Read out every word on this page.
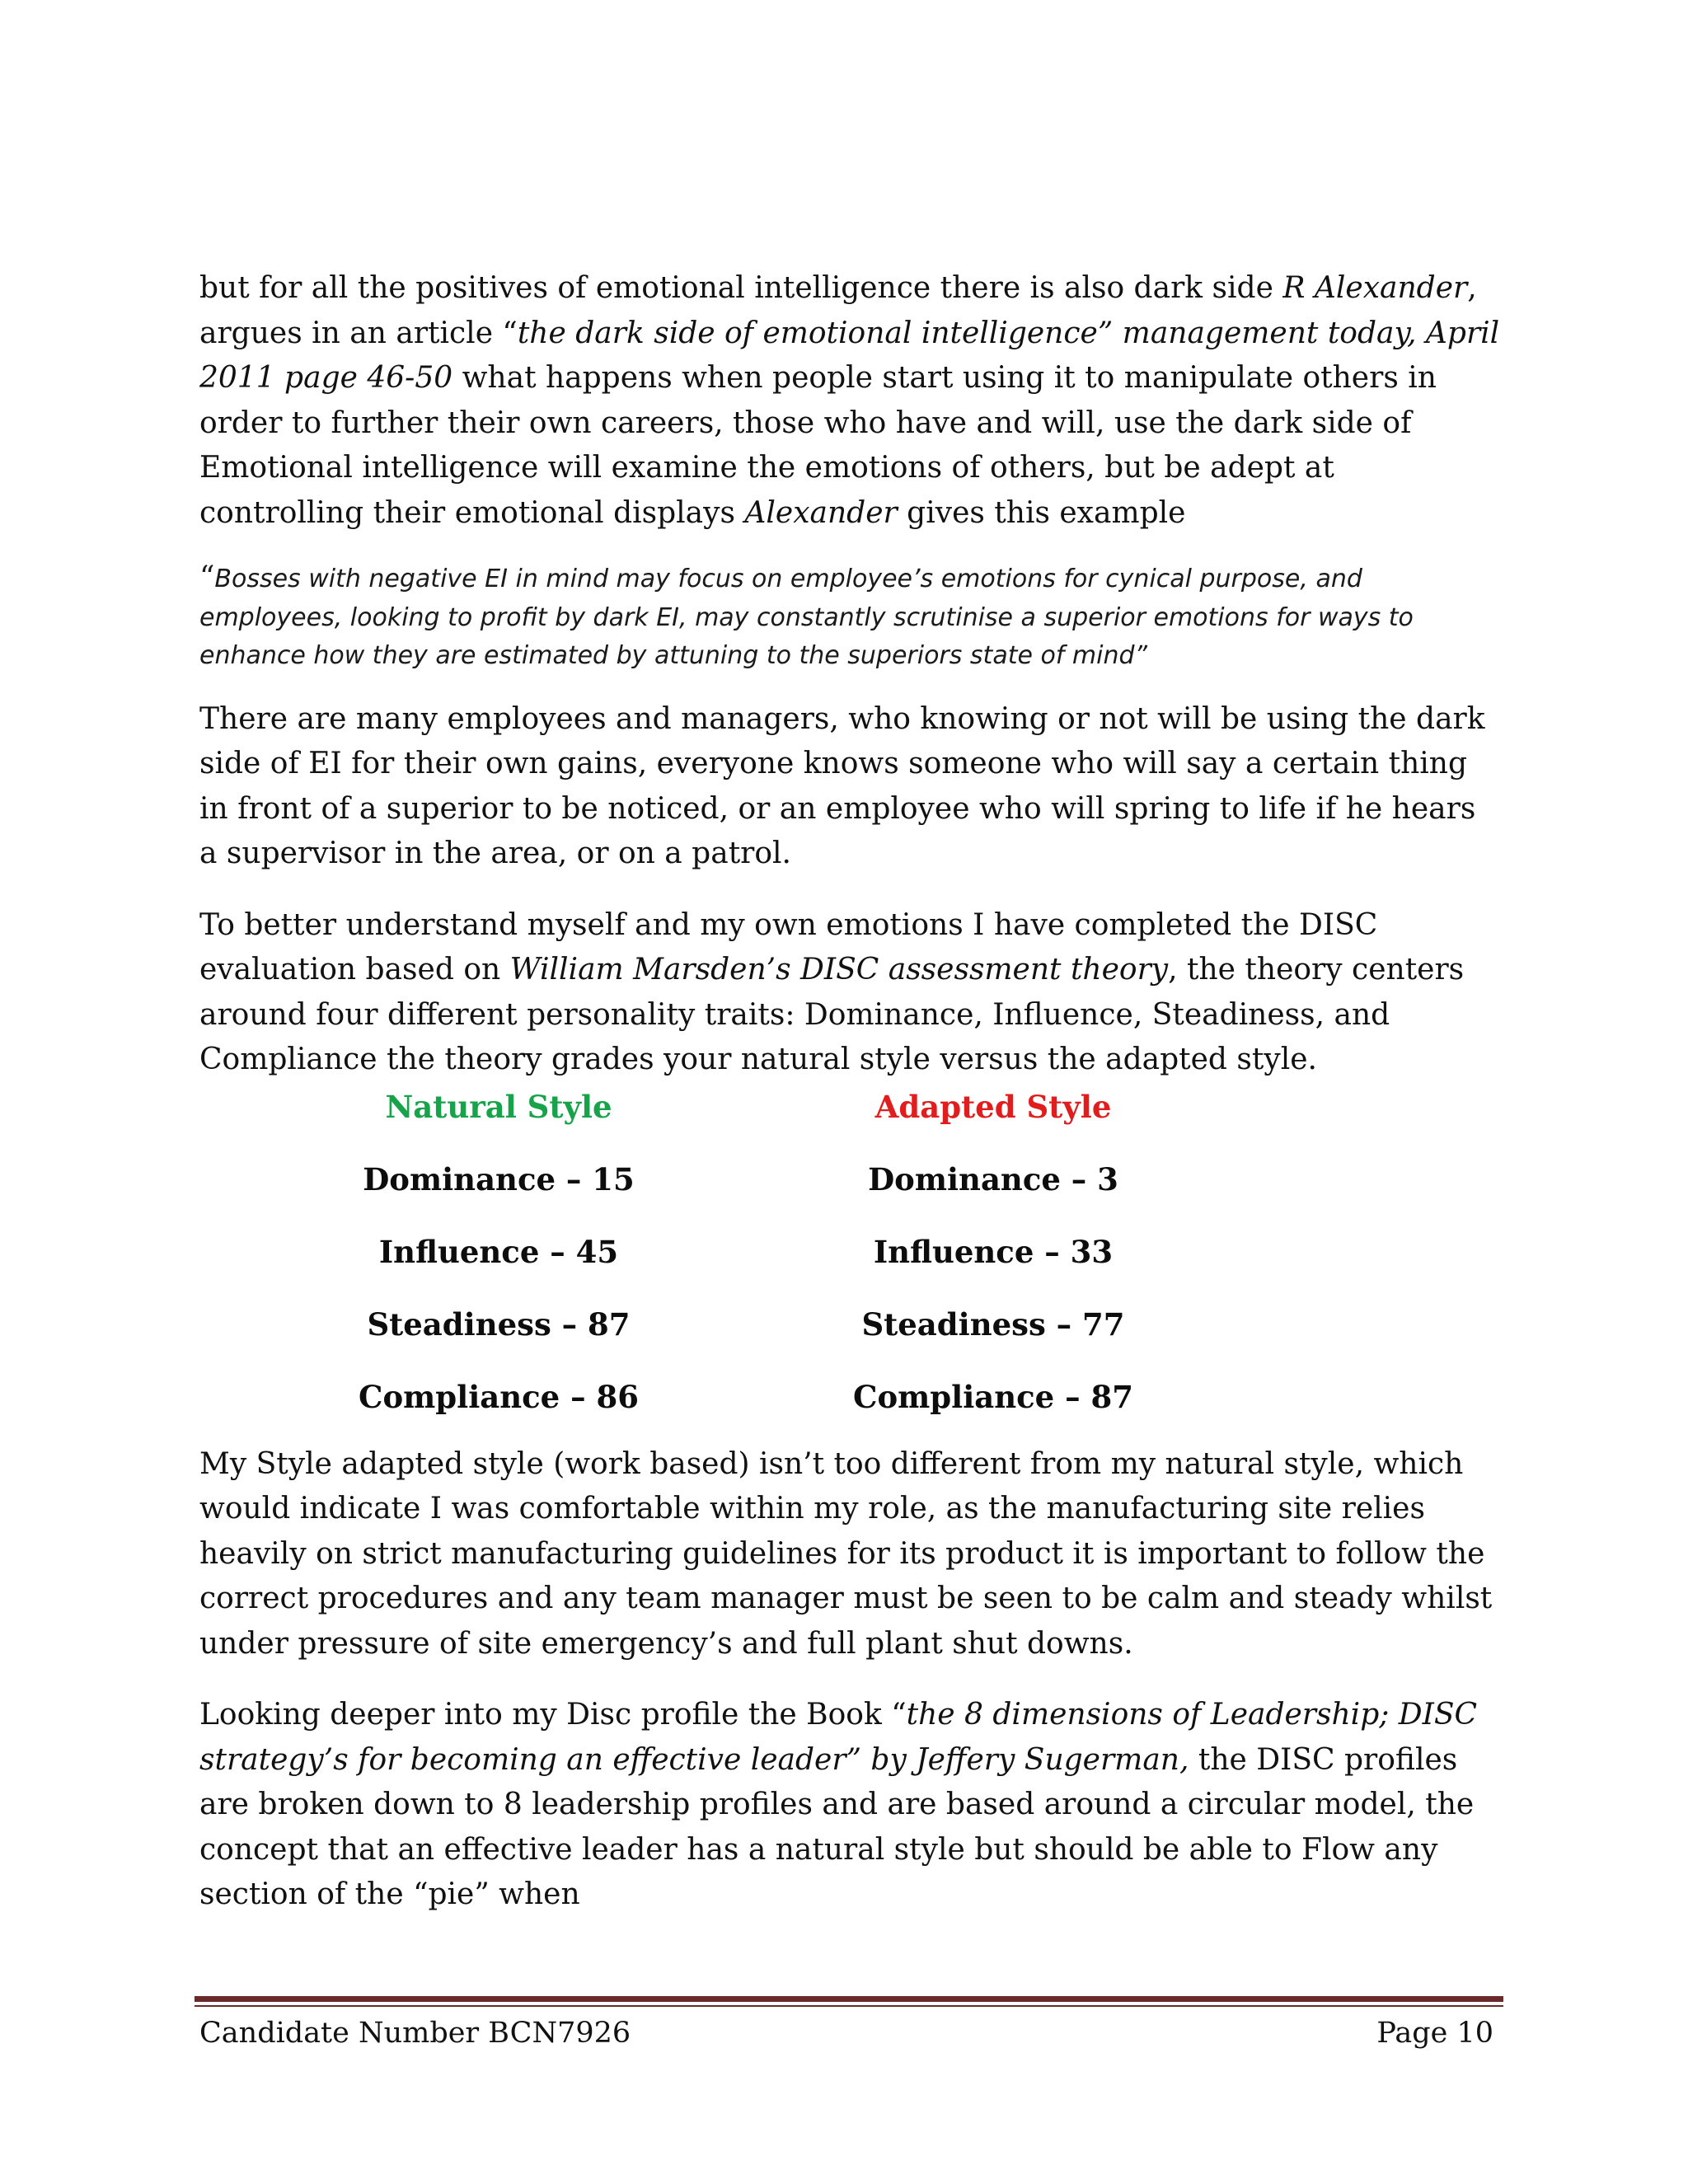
but for all the positives of emotional intelligence there is also dark side R Alexander, argues in an article “the dark side of emotional intelligence” management today, April 2011 page 46-50 what happens when people start using it to manipulate others in order to further their own careers, those who have and will, use the dark side of Emotional intelligence will examine the emotions of others, but be adept at controlling their emotional displays Alexander gives this example

“Bosses with negative EI in mind may focus on employee’s emotions for cynical purpose, and employees, looking to profit by dark EI, may constantly scrutinise a superior emotions for ways to enhance how they are estimated by attuning to the superiors state of mind”

There are many employees and managers, who knowing or not will be using the dark side of EI for their own gains, everyone knows someone who will say a certain thing in front of a superior to be noticed, or an employee who will spring to life if he hears a supervisor in the area, or on a patrol.

To better understand myself and my own emotions I have completed the DISC evaluation based on William Marsden’s DISC assessment theory, the theory centers around four different personality traits: Dominance, Influence, Steadiness, and Compliance the theory grades your natural style versus the adapted style.

Natural Style
Dominance – 15
Influence – 45
Steadiness – 87
Compliance – 86
Adapted Style
Dominance – 3
Influence – 33
Steadiness – 77
Compliance – 87

My Style adapted style (work based) isn’t too different from my natural style, which would indicate I was comfortable within my role, as the manufacturing site relies heavily on strict manufacturing guidelines for its product it is important to follow the correct procedures and any team manager must be seen to be calm and steady whilst under pressure of site emergency’s and full plant shut downs.

Looking deeper into my Disc profile the Book “the 8 dimensions of Leadership; DISC strategy’s for becoming an effective leader” by Jeffery Sugerman, the DISC profiles are broken down to 8 leadership profiles and are based around a circular model, the concept that an effective leader has a natural style but should be able to Flow any section of the “pie” when

Candidate Number BCN7926	Page 10
